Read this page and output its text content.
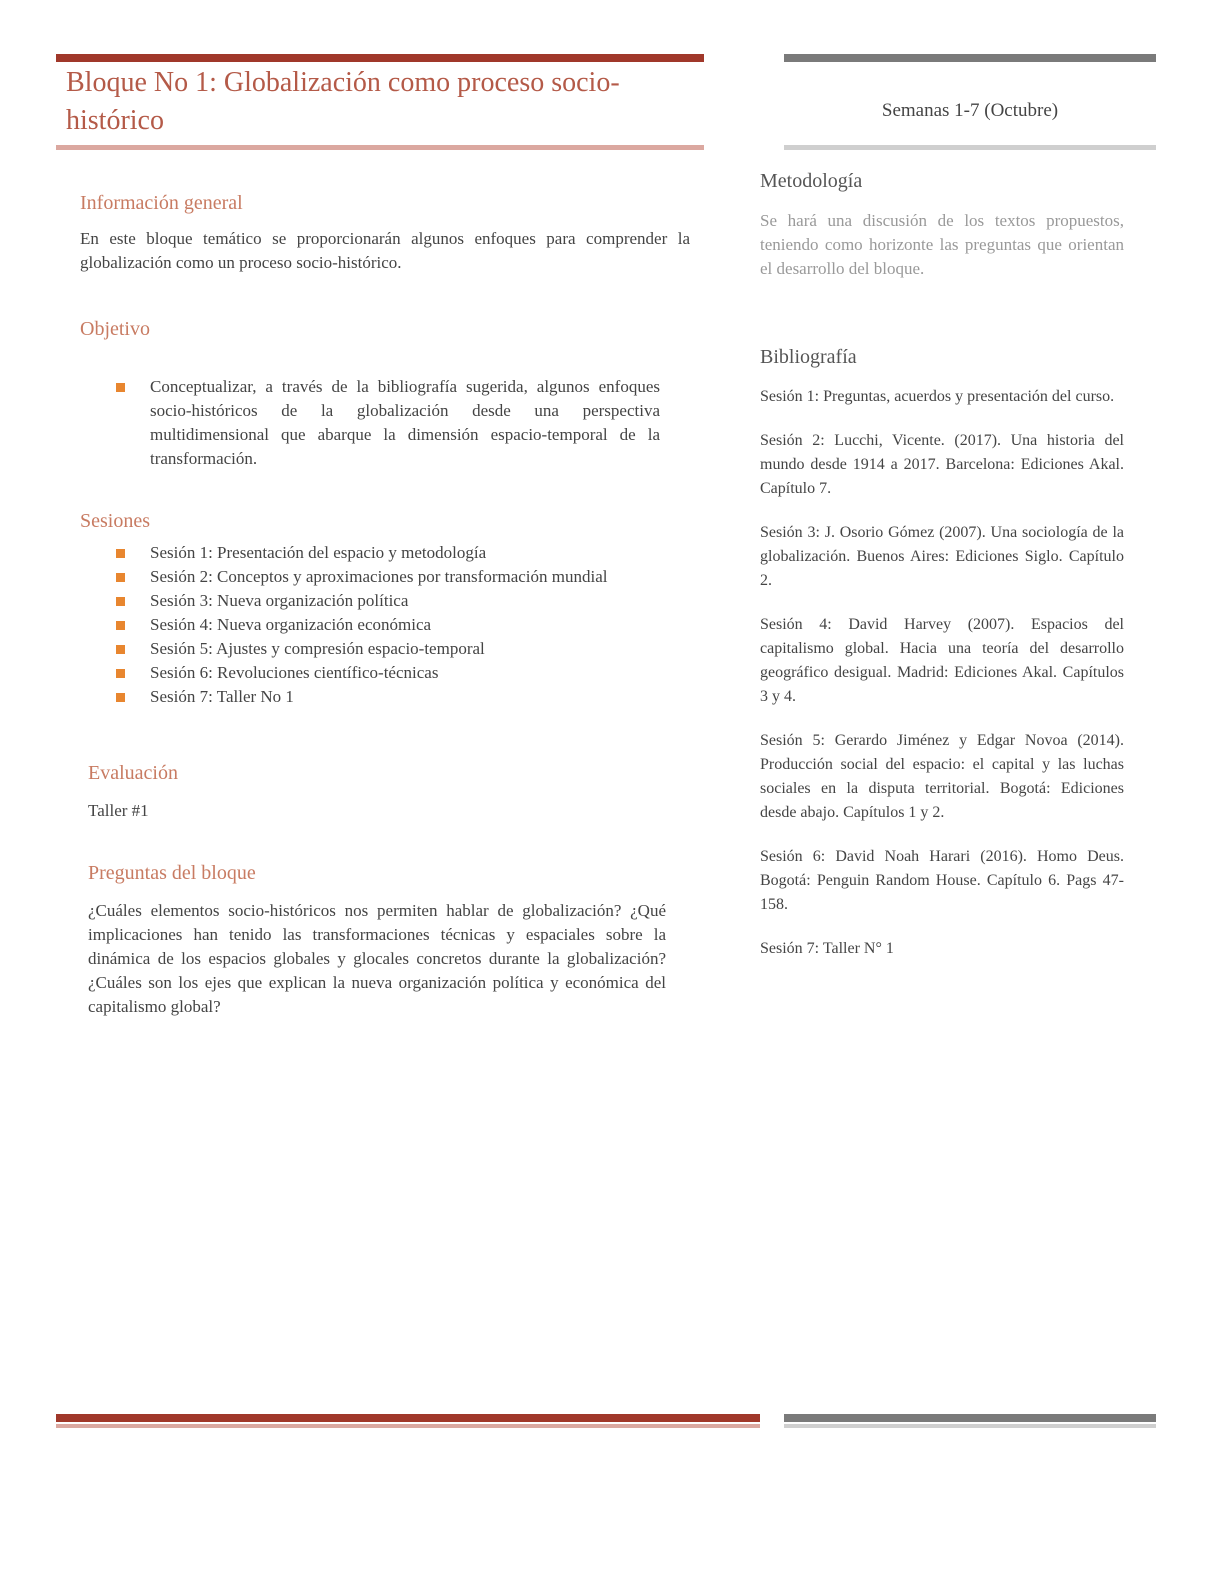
Bloque No 1: Globalización como proceso socio-histórico	Semanas 1-7 (Octubre)
Información general

En este bloque temático se proporcionarán algunos enfoques para comprender la globalización como un proceso socio-histórico.

Objetivo
Conceptualizar, a través de la bibliografía sugerida, algunos enfoques socio-históricos de la globalización desde una perspectiva multidimensional que abarque la dimensión espacio-temporal de la transformación.
Sesiones
Sesión 1: Presentación del espacio y metodología
Sesión 2: Conceptos y aproximaciones por transformación mundial
Sesión 3: Nueva organización política
Sesión 4: Nueva organización económica
Sesión 5: Ajustes y compresión espacio-temporal
Sesión 6: Revoluciones científico-técnicas
Sesión 7: Taller No 1
Evaluación

Taller #1

Preguntas del bloque

¿Cuáles elementos socio-históricos nos permiten hablar de globalización? ¿Qué implicaciones han tenido las transformaciones técnicas y espaciales sobre la dinámica de los espacios globales y glocales concretos durante la globalización? ¿Cuáles son los ejes que explican la nueva organización política y económica del capitalismo global?

Metodología

Se hará una discusión de los textos propuestos, teniendo como horizonte las preguntas que orientan el desarrollo del bloque.

Bibliografía

Sesión 1: Preguntas, acuerdos y presentación del curso.

Sesión 2: Lucchi, Vicente. (2017). Una historia del mundo desde 1914 a 2017. Barcelona: Ediciones Akal. Capítulo 7.

Sesión 3: J. Osorio Gómez (2007). Una sociología de la globalización. Buenos Aires: Ediciones Siglo. Capítulo 2.

Sesión 4: David Harvey (2007). Espacios del capitalismo global. Hacia una teoría del desarrollo geográfico desigual. Madrid: Ediciones Akal. Capítulos 3 y 4.

Sesión 5: Gerardo Jiménez y Edgar Novoa (2014). Producción social del espacio: el capital y las luchas sociales en la disputa territorial. Bogotá: Ediciones desde abajo. Capítulos 1 y 2.

Sesión 6: David Noah Harari (2016). Homo Deus. Bogotá: Penguin Random House. Capítulo 6. Pags 47-158.

Sesión 7: Taller N° 1
